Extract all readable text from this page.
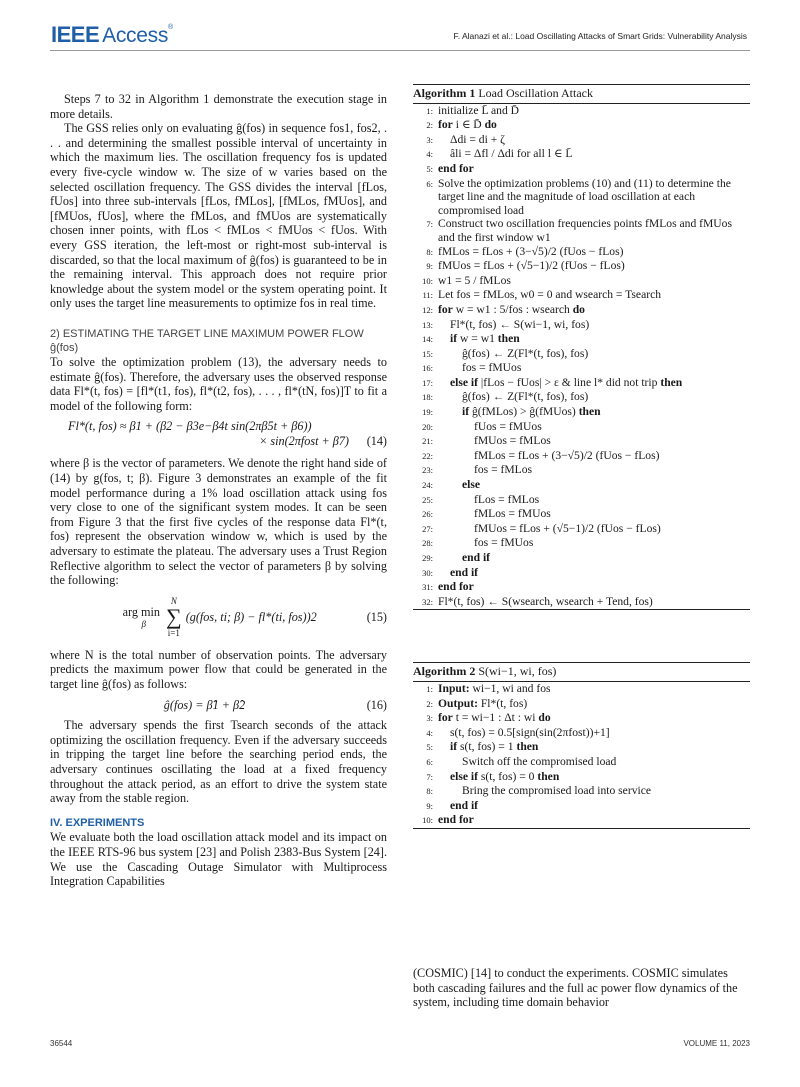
IEEE Access®
F. Alanazi et al.: Load Oscillating Attacks of Smart Grids: Vulnerability Analysis

Steps 7 to 32 in Algorithm 1 demonstrate the execution stage in more details.

The GSS relies only on evaluating ĝ(fos) in sequence fos1, fos2, . . . and determining the smallest possible interval of uncertainty in which the maximum lies. The oscillation frequency fos is updated every five-cycle window w. The size of w varies based on the selected oscillation frequency. The GSS divides the interval [fLos, fUos] into three sub-intervals [fLos, fMLos], [fMLos, fMUos], and [fMUos, fUos], where the fMLos, and fMUos are systematically chosen inner points, with fLos < fMLos < fMUos < fUos. With every GSS iteration, the left-most or right-most sub-interval is discarded, so that the local maximum of ĝ(fos) is guaranteed to be in the remaining interval. This approach does not require prior knowledge about the system model or the system operating point. It only uses the target line measurements to optimize fos in real time.

2) ESTIMATING THE TARGET LINE MAXIMUM POWER FLOW ĝ(fos)

To solve the optimization problem (13), the adversary needs to estimate ĝ(fos). Therefore, the adversary uses the observed response data Fl*(t, fos) = [fl*(t1, fos), fl*(t2, fos), . . . , fl*(tN, fos)]T to fit a model of the following form:

Fl*(t, fos) ≈ β1 + (β2 − β3e−β4t sin(2πβ5t + β6))
× sin(2πfost + β7)	(14)

where β is the vector of parameters. We denote the right hand side of (14) by g(fos, t; β). Figure 3 demonstrates an example of the fit model performance during a 1% load oscillation attack using fos very close to one of the significant system modes. It can be seen from Figure 3 that the first five cycles of the response data Fl*(t, fos) represent the observation window w, which is used by the adversary to estimate the plateau. The adversary uses a Trust Region Reflective algorithm to select the vector of parameters β by solving the following:

arg min
β
N
∑
i=1
(g(fos, ti; β) − fl*(ti, fos))2	(15)

where N is the total number of observation points. The adversary predicts the maximum power flow that could be generated in the target line ĝ(fos) as follows:

ĝ(fos) = β̂1 + β̂2	(16)

The adversary spends the first Tsearch seconds of the attack optimizing the oscillation frequency. Even if the adversary succeeds in tripping the target line before the searching period ends, the adversary continues oscillating the load at a fixed frequency throughout the attack period, as an effort to drive the system state away from the stable region.

IV. EXPERIMENTS

We evaluate both the load oscillation attack model and its impact on the IEEE RTS-96 bus system [23] and Polish 2383-Bus System [24]. We use the Cascading Outage Simulator with Multiprocess Integration Capabilities

Algorithm 1 Load Oscillation Attack
1: initialize L̄ and D̄
2: for i ∈ D̄ do
3:	Δdi = di + ζ
4:	âli = Δfl / Δdi for all l ∈ L̄
5: end for
6: Solve the optimization problems (10) and (11) to determine the target line and the magnitude of load oscillation at each compromised load
7: Construct two oscillation frequencies points fMLos and fMUos and the first window w1
8: fMLos = fLos + (3−√5)/2 (fUos − fLos)
9: fMUos = fLos + (√5−1)/2 (fUos − fLos)
10: w1 = 5 / fMLos
11: Let fos = fMLos, w0 = 0 and wsearch = Tsearch
12: for w = w1 : 5/fos : wsearch do
13:	Fl*(t, fos) ← S(wi−1, wi, fos)
14:	if w = w1 then
15:	ĝ(fos) ← Z(Fl*(t, fos), fos)
16:	fos = fMUos
17:	else if |fLos − fUos| > ε & line l* did not trip then
18:	ĝ(fos) ← Z(Fl*(t, fos), fos)
19:	if ĝ(fMLos) > ĝ(fMUos) then
20:	fUos = fMUos
21:	fMUos = fMLos
22:	fMLos = fLos + (3−√5)/2 (fUos − fLos)
23:	fos = fMLos
24:	else
25:	fLos = fMLos
26:	fMLos = fMUos
27:	fMUos = fLos + (√5−1)/2 (fUos − fLos)
28:	fos = fMUos
29:	end if
30:	end if
31: end for
32: Fl*(t, fos) ← S(wsearch, wsearch + Tend, fos)
Algorithm 2 S(wi−1, wi, fos)
1: Input: wi−1, wi and fos
2: Output: Fl*(t, fos)
3: for t = wi−1 : Δt : wi do
4:	s(t, fos) = 0.5[sign(sin(2πfost))+1]
5:	if s(t, fos) = 1 then
6:	Switch off the compromised load
7:	else if s(t, fos) = 0 then
8:	Bring the compromised load into service
9:	end if
10: end for
(COSMIC) [14] to conduct the experiments. COSMIC simulates both cascading failures and the full ac power flow dynamics of the system, including time domain behavior
36544	VOLUME 11, 2023
